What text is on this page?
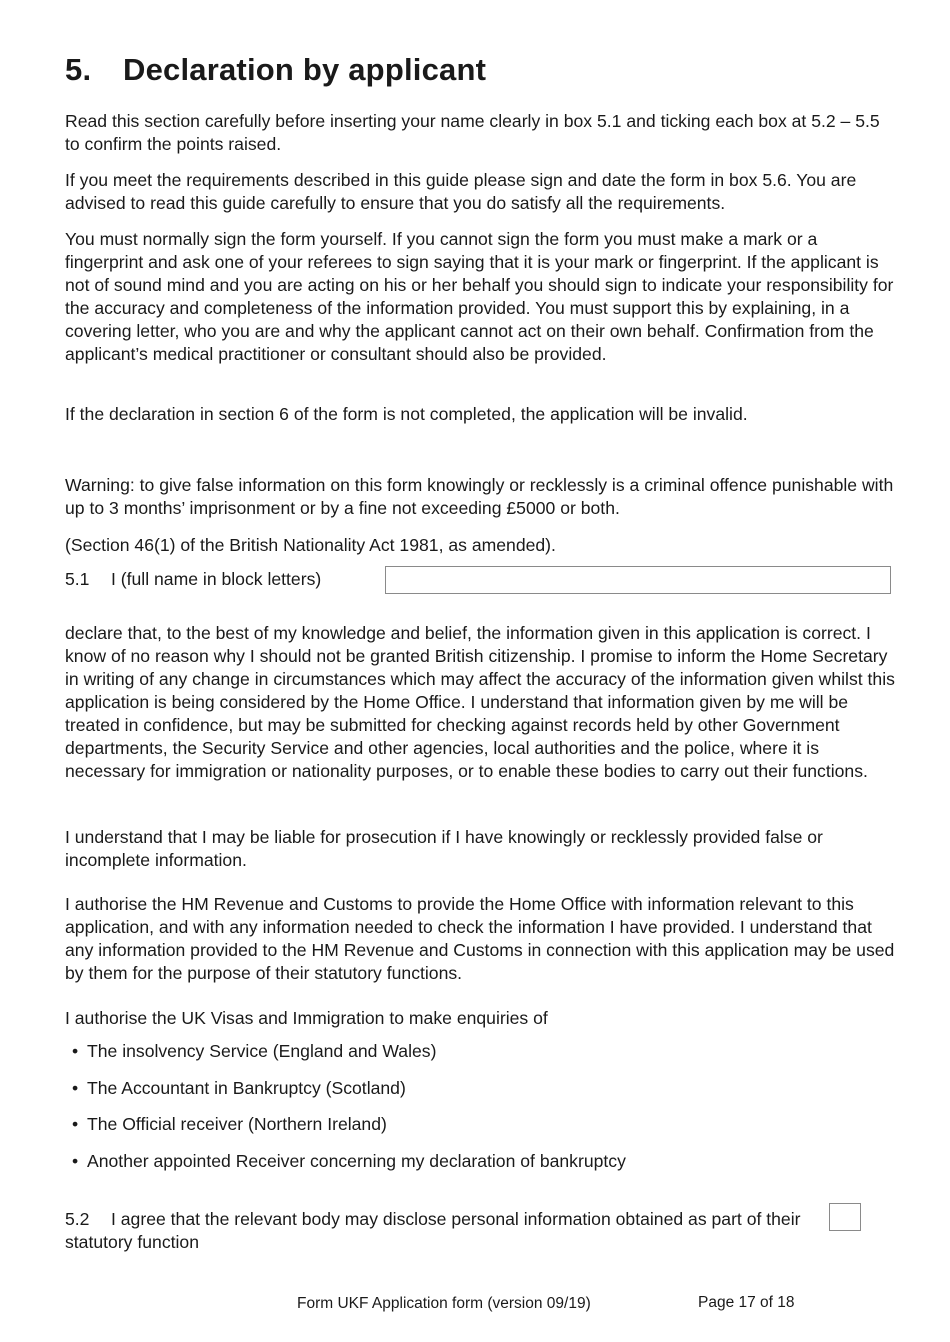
5. Declaration by applicant

Read this section carefully before inserting your name clearly in box 5.1 and ticking each box at 5.2 – 5.5 to confirm the points raised.

If you meet the requirements described in this guide please sign and date the form in box 5.6. You are advised to read this guide carefully to ensure that you do satisfy all the requirements.

You must normally sign the form yourself. If you cannot sign the form you must make a mark or a fingerprint and ask one of your referees to sign saying that it is your mark or fingerprint. If the applicant is not of sound mind and you are acting on his or her behalf you should sign to indicate your responsibility for the accuracy and completeness of the information provided. You must support this by explaining, in a covering letter, who you are and why the applicant cannot act on their own behalf. Confirmation from the applicant’s medical practitioner or consultant should also be provided.

If the declaration in section 6 of the form is not completed, the application will be invalid.

Warning: to give false information on this form knowingly or recklessly is a criminal offence punishable with up to 3 months’ imprisonment or by a fine not exceeding £5000 or both.

(Section 46(1) of the British Nationality Act 1981, as amended).

5.1 I (full name in block letters)

declare that, to the best of my knowledge and belief, the information given in this application is correct. I know of no reason why I should not be granted British citizenship. I promise to inform the Home Secretary in writing of any change in circumstances which may affect the accuracy of the information given whilst this application is being considered by the Home Office. I understand that information given by me will be treated in confidence, but may be submitted for checking against records held by other Government departments, the Security Service and other agencies, local authorities and the police, where it is necessary for immigration or nationality purposes, or to enable these bodies to carry out their functions.

I understand that I may be liable for prosecution if I have knowingly or recklessly provided false or incomplete information.

I authorise the HM Revenue and Customs to provide the Home Office with information relevant to this application, and with any information needed to check the information I have provided. I understand that any information provided to the HM Revenue and Customs in connection with this application may be used by them for the purpose of their statutory functions.

I authorise the UK Visas and Immigration to make enquiries of

• The insolvency Service (England and Wales)
• The Accountant in Bankruptcy (Scotland)
• The Official receiver (Northern Ireland)
• Another appointed Receiver concerning my declaration of bankruptcy

5.2 I agree that the relevant body may disclose personal information obtained as part of their statutory function

Form UKF Application form (version 09/19)	Page 17 of 18
